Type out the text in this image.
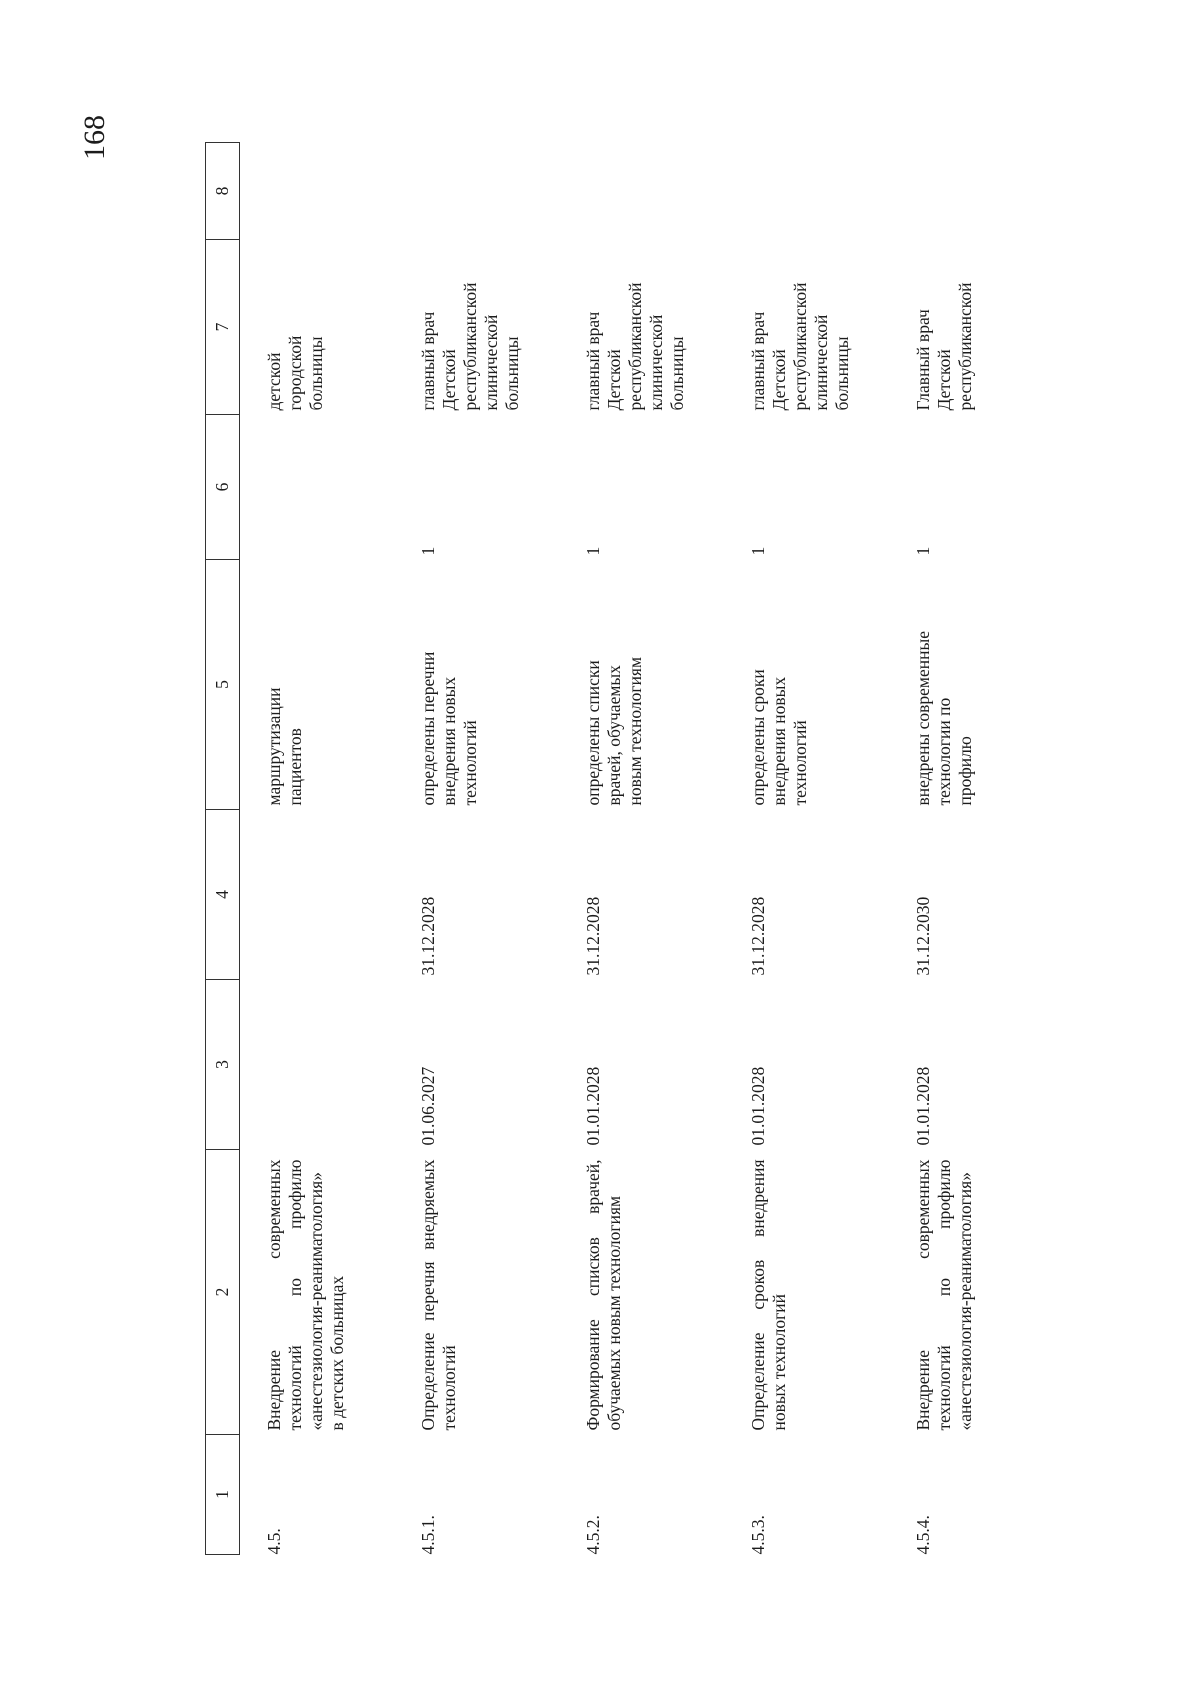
168
1	2	3	4	5	6	7	8

4.5.	Внедрение современных технологий по профилю «анестезиология-реаниматология» в детских больницах			маршрутизации
пациентов		детской
городской
больницы	
4.5.1.	Определение перечня внедряемых технологий	01.06.2027	31.12.2028	определены перечни
внедрения новых
технологий	1	главный врач
Детской
республиканской
клинической
больницы	
4.5.2.	Формирование списков врачей, обучаемых новым технологиям	01.01.2028	31.12.2028	определены списки
врачей, обучаемых
новым технологиям	1	главный врач
Детской
республиканской
клинической
больницы	
4.5.3.	Определение сроков внедрения новых технологий	01.01.2028	31.12.2028	определены сроки
внедрения новых
технологий	1	главный врач
Детской
республиканской
клинической
больницы	
4.5.4.	Внедрение современных технологий по профилю «анестезиология-реаниматология»	01.01.2028	31.12.2030	внедрены современные
технологии по
профилю	1	Главный врач
Детской
республиканской	
